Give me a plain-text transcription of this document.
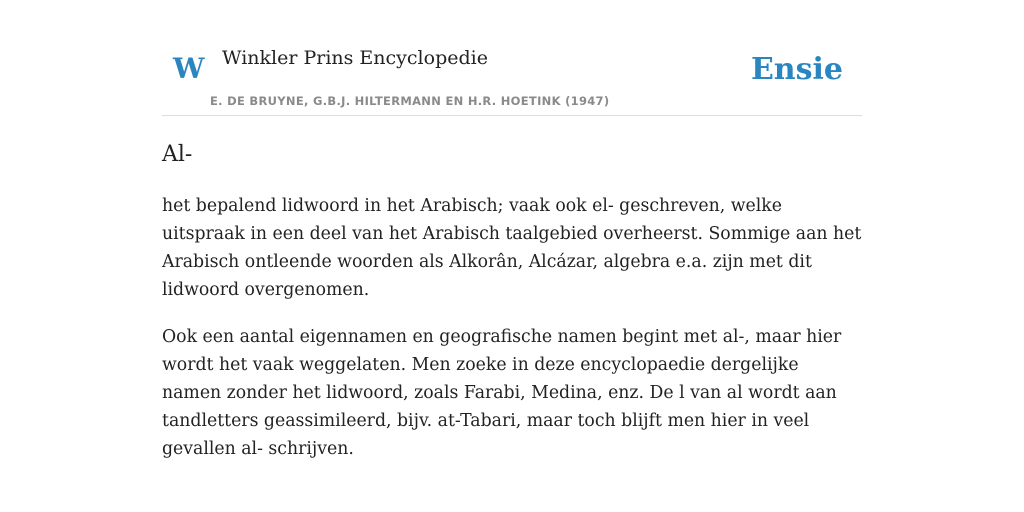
W Winkler Prins Encyclopedie
E. DE BRUYNE, G.B.J. HILTERMANN EN H.R. HOETINK (1947)
Ensie
Al-

het bepalend lidwoord in het Arabisch; vaak ook el- geschreven, welke uitspraak in een deel van het Arabisch taalgebied overheerst. Sommige aan het Arabisch ontleende woorden als Alkorân, Alcázar, algebra e.a. zijn met dit lidwoord overgenomen.

Ook een aantal eigennamen en geografische namen begint met al-, maar hier wordt het vaak weggelaten. Men zoeke in deze encyclopaedie dergelijke namen zonder het lidwoord, zoals Farabi, Medina, enz. De l van al wordt aan tandletters geassimileerd, bijv. at-Tabari, maar toch blijft men hier in veel gevallen al- schrijven.
